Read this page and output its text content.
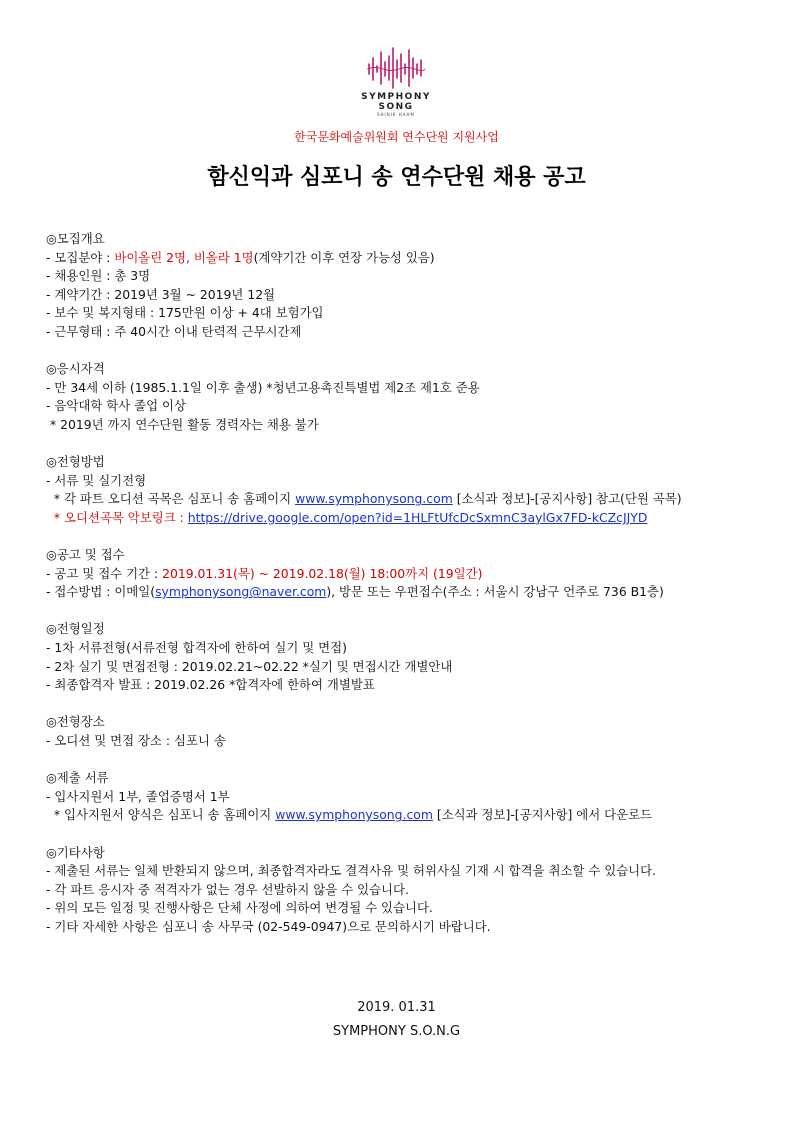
SYMPHONY
SONG
SHINIK HAHM
한국문화예술위원회 연수단원 지원사업
함신익과 심포니 송 연수단원 채용 공고
◎모집개요
- 모집분야 : 바이올린 2명, 비올라 1명(계약기간 이후 연장 가능성 있음)
- 채용인원 : 총 3명
- 계약기간 : 2019년 3월 ~ 2019년 12월
- 보수 및 복지형태 : 175만원 이상 + 4대 보험가입
- 근무형태 : 주 40시간 이내 탄력적 근무시간제
◎응시자격
- 만 34세 이하 (1985.1.1일 이후 출생) *청년고용촉진특별법 제2조 제1호 준용
- 음악대학 학사 졸업 이상
* 2019년 까지 연수단원 활동 경력자는 채용 불가
◎전형방법
- 서류 및 실기전형
* 각 파트 오디션 곡목은 심포니 송 홈페이지 www.symphonysong.com [소식과 정보]-[공지사항] 참고(단원 곡목)
* 오디션곡목 악보링크 : https://drive.google.com/open?id=1HLFtUfcDcSxmnC3aylGx7FD-kCZcJJYD
◎공고 및 접수
- 공고 및 접수 기간 : 2019.01.31(목) ~ 2019.02.18(월) 18:00까지 (19일간)
- 접수방법 : 이메일(symphonysong@naver.com), 방문 또는 우편접수(주소 : 서울시 강남구 언주로 736 B1층)
◎전형일정
- 1차 서류전형(서류전형 합격자에 한하여 실기 및 면접)
- 2차 실기 및 면접전형 : 2019.02.21~02.22 *실기 및 면접시간 개별안내
- 최종합격자 발표 : 2019.02.26 *합격자에 한하여 개별발표
◎전형장소
- 오디션 및 면접 장소 : 심포니 송
◎제출 서류
- 입사지원서 1부, 졸업증명서 1부
* 입사지원서 양식은 심포니 송 홈페이지 www.symphonysong.com [소식과 정보]-[공지사항] 에서 다운로드
◎기타사항
- 제출된 서류는 일체 반환되지 않으며, 최종합격자라도 결격사유 및 허위사실 기재 시 합격을 취소할 수 있습니다.
- 각 파트 응시자 중 적격자가 없는 경우 선발하지 않을 수 있습니다.
- 위의 모든 일정 및 진행사항은 단체 사정에 의하여 변경될 수 있습니다.
- 기타 자세한 사항은 심포니 송 사무국 (02-549-0947)으로 문의하시기 바랍니다.
2019. 01.31
SYMPHONY S.O.N.G
